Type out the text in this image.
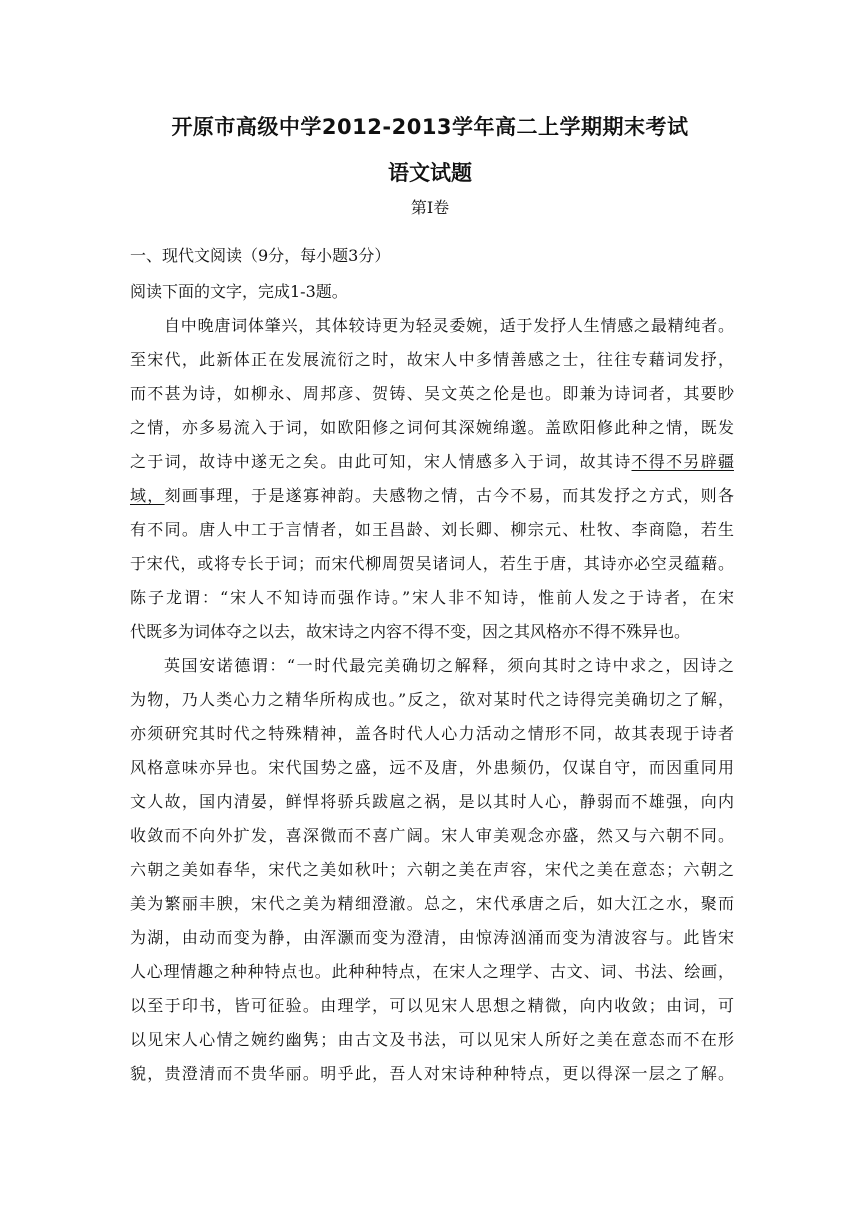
开原市高级中学2012-2013学年高二上学期期末考试
语文试题
第Ⅰ卷
一、现代文阅读（9分，每小题3分）
阅读下面的文字，完成1-3题。
自中晚唐词体肇兴，其体较诗更为轻灵委婉，适于发抒人生情感之最精纯者。
至宋代，此新体正在发展流衍之时，故宋人中多情善感之士，往往专藉词发抒，
而不甚为诗，如柳永、周邦彦、贺铸、吴文英之伦是也。即兼为诗词者，其要眇
之情，亦多易流入于词，如欧阳修之词何其深婉绵邈。盖欧阳修此种之情，既发
之于词，故诗中遂无之矣。由此可知，宋人情感多入于词，故其诗不得不另辟疆
域，刻画事理，于是遂寡神韵。夫感物之情，古今不易，而其发抒之方式，则各
有不同。唐人中工于言情者，如王昌龄、刘长卿、柳宗元、杜牧、李商隐，若生
于宋代，或将专长于词；而宋代柳周贺吴诸词人，若生于唐，其诗亦必空灵蕴藉。
陈子龙谓：“宋人不知诗而强作诗。”宋人非不知诗，惟前人发之于诗者，在宋
代既多为词体夺之以去，故宋诗之内容不得不变，因之其风格亦不得不殊异也。
英国安诺德谓：“一时代最完美确切之解释，须向其时之诗中求之，因诗之
为物，乃人类心力之精华所构成也。”反之，欲对某时代之诗得完美确切之了解，
亦须研究其时代之特殊精神，盖各时代人心力活动之情形不同，故其表现于诗者
风格意味亦异也。宋代国势之盛，远不及唐，外患频仍，仅谋自守，而因重同用
文人故，国内清晏，鲜悍将骄兵跋扈之祸，是以其时人心，静弱而不雄强，向内
收敛而不向外扩发，喜深微而不喜广阔。宋人审美观念亦盛，然又与六朝不同。
六朝之美如春华，宋代之美如秋叶；六朝之美在声容，宋代之美在意态；六朝之
美为繁丽丰腴，宋代之美为精细澄澈。总之，宋代承唐之后，如大江之水，聚而
为湖，由动而变为静，由浑灏而变为澄清，由惊涛汹涌而变为清波容与。此皆宋
人心理情趣之种种特点也。此种种特点，在宋人之理学、古文、词、书法、绘画，
以至于印书，皆可征验。由理学，可以见宋人思想之精微，向内收敛；由词，可
以见宋人心情之婉约幽隽；由古文及书法，可以见宋人所好之美在意态而不在形
貌，贵澄清而不贵华丽。明乎此，吾人对宋诗种种特点，更以得深一层之了解。
